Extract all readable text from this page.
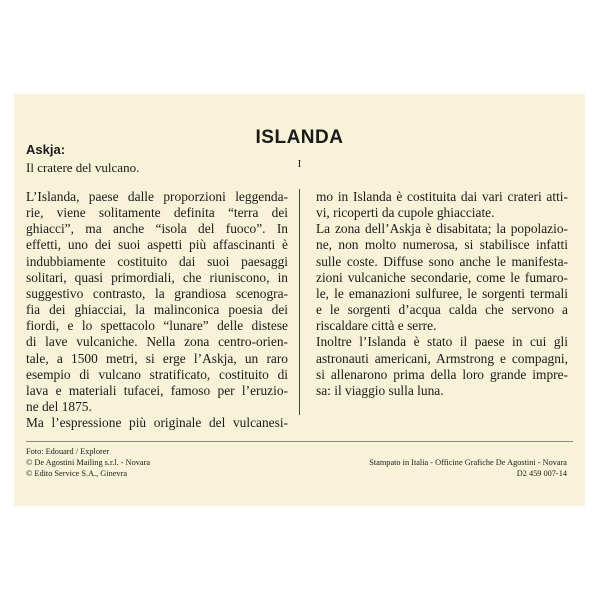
ISLANDA
I
Askja:
Il cratere del vulcano.
L’Islanda, paese dalle proporzioni leggenda-
rie, viene solitamente definita “terra dei
ghiacci”, ma anche “isola del fuoco”. In
effetti, uno dei suoi aspetti più affascinanti è
indubbiamente costituito dai suoi paesaggi
solitari, quasi primordiali, che riuniscono, in
suggestivo contrasto, la grandiosa scenogra-
fia dei ghiacciai, la malinconica poesia dei
fiordi, e lo spettacolo “lunare” delle distese
di lave vulcaniche. Nella zona centro-orien-
tale, a 1500 metri, si erge l’Askja, un raro
esempio di vulcano stratificato, costituito di
lava e materiali tufacei, famoso per l’eruzio-
ne del 1875.
Ma l’espressione più originale del vulcanesi-
mo in Islanda è costituita dai vari crateri atti-
vi, ricoperti da cupole ghiacciate.
La zona dell’Askja è disabitata; la popolazio-
ne, non molto numerosa, si stabilisce infatti
sulle coste. Diffuse sono anche le manifesta-
zioni vulcaniche secondarie, come le fumaro-
le, le emanazioni sulfuree, le sorgenti termali
e le sorgenti d’acqua calda che servono a
riscaldare città e serre.
Inoltre l’Islanda è stato il paese in cui gli
astronauti americani, Armstrong e compagni,
si allenarono prima della loro grande impre-
sa: il viaggio sulla luna.
Foto: Edouard / Explorer
© De Agostini Mailing s.r.l. - Novara
© Edito Service S.A., Ginevra
Stampato in Italia - Officine Grafiche De Agostini - Novara
D2 459 007-14
